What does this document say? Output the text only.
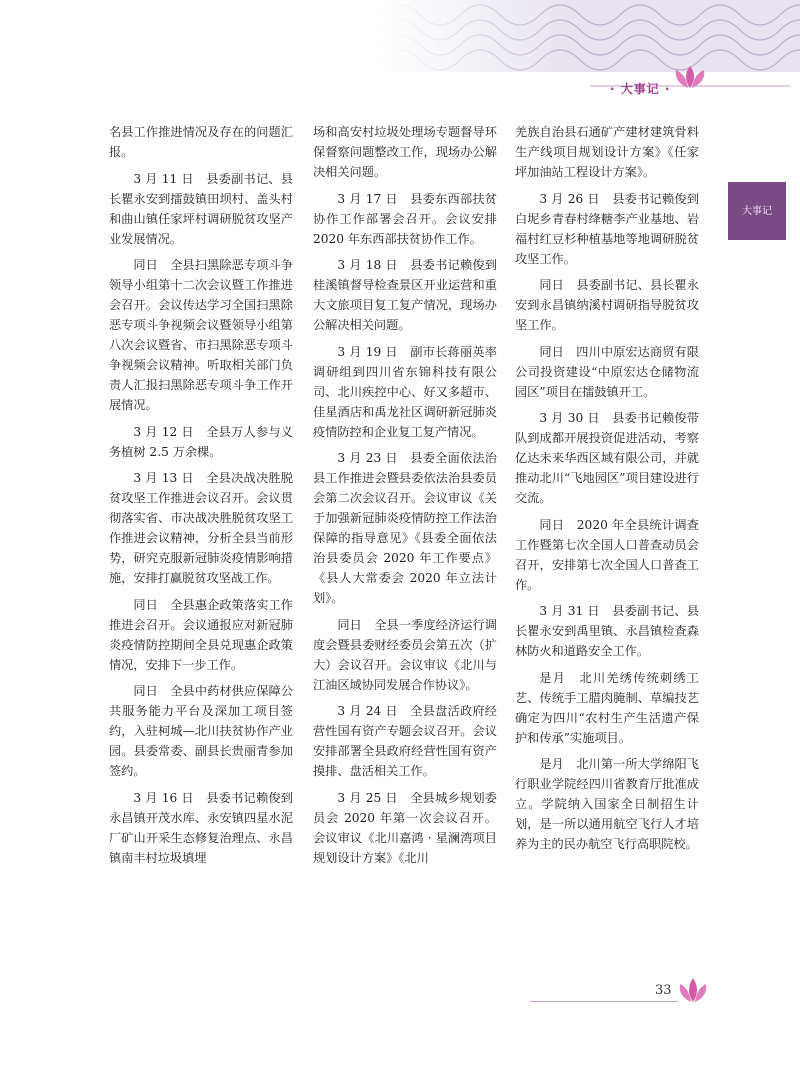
· 大事记 ·
大事记

名县工作推进情况及存在的问题汇报。

3 月 11 日　县委副书记、县长瞿永安到擂鼓镇田坝村、盖头村和曲山镇任家坪村调研脱贫攻坚产业发展情况。

同日　全县扫黑除恶专项斗争领导小组第十二次会议暨工作推进会召开。会议传达学习全国扫黑除恶专项斗争视频会议暨领导小组第八次会议暨省、市扫黑除恶专项斗争视频会议精神。听取相关部门负责人汇报扫黑除恶专项斗争工作开展情况。

3 月 12 日　全县万人参与义务植树 2.5 万余棵。

3 月 13 日　全县决战决胜脱贫攻坚工作推进会议召开。会议贯彻落实省、市决战决胜脱贫攻坚工作推进会议精神，分析全县当前形势，研究克服新冠肺炎疫情影响措施，安排打赢脱贫攻坚战工作。

同日　全县惠企政策落实工作推进会召开。会议通报应对新冠肺炎疫情防控期间全县兑现惠企政策情况，安排下一步工作。

同日　全县中药材供应保障公共服务能力平台及深加工项目签约，入驻柯城—北川扶贫协作产业园。县委常委、副县长贵丽青参加签约。

3 月 16 日　县委书记赖俊到永昌镇开茂水库、永安镇四星水泥厂矿山开采生态修复治理点、永昌镇南丰村垃圾填埋

场和高安村垃圾处理场专题督导环保督察问题整改工作，现场办公解决相关问题。

3 月 17 日　县委东西部扶贫协作工作部署会召开。会议安排 2020 年东西部扶贫协作工作。

3 月 18 日　县委书记赖俊到桂溪镇督导检查景区开业运营和重大文旅项目复工复产情况，现场办公解决相关问题。

3 月 19 日　副市长蒋丽英率调研组到四川省东锦科技有限公司、北川疾控中心、好又多超市、佳星酒店和禹龙社区调研新冠肺炎疫情防控和企业复工复产情况。

3 月 23 日　县委全面依法治县工作推进会暨县委依法治县委员会第二次会议召开。会议审议《关于加强新冠肺炎疫情防控工作法治保障的指导意见》《县委全面依法治县委员会 2020 年工作要点》《县人大常委会 2020 年立法计划》。

同日　全县一季度经济运行调度会暨县委财经委员会第五次（扩大）会议召开。会议审议《北川与江油区域协同发展合作协议》。

3 月 24 日　全县盘活政府经营性国有资产专题会议召开。会议安排部署全县政府经营性国有资产摸排、盘活相关工作。

3 月 25 日　全县城乡规划委员会 2020 年第一次会议召开。会议审议《北川嘉鸿 · 星澜湾项目规划设计方案》《北川

羌族自治县石通矿产建材建筑骨料生产线项目规划设计方案》《任家坪加油站工程设计方案》。

3 月 26 日　县委书记赖俊到白坭乡青春村绛糖李产业基地、岩福村红豆杉种植基地等地调研脱贫攻坚工作。

同日　县委副书记、县长瞿永安到永昌镇纳溪村调研指导脱贫攻坚工作。

同日　四川中原宏达商贸有限公司投资建设“中原宏达仓储物流园区”项目在擂鼓镇开工。

3 月 30 日　县委书记赖俊带队到成都开展投资促进活动，考察亿达未来华西区域有限公司，并就推动北川“飞地园区”项目建设进行交流。

同日　2020 年全县统计调查工作暨第七次全国人口普查动员会召开，安排第七次全国人口普查工作。

3 月 31 日　县委副书记、县长瞿永安到禹里镇、永昌镇检查森林防火和道路安全工作。

是月　北川羌绣传统刺绣工艺、传统手工腊肉腌制、草编技艺确定为四川“农村生产生活遗产保护和传承”实施项目。

是月　北川第一所大学绵阳飞行职业学院经四川省教育厅批准成立。学院纳入国家全日制招生计划，是一所以通用航空飞行人才培养为主的民办航空飞行高职院校。

33
